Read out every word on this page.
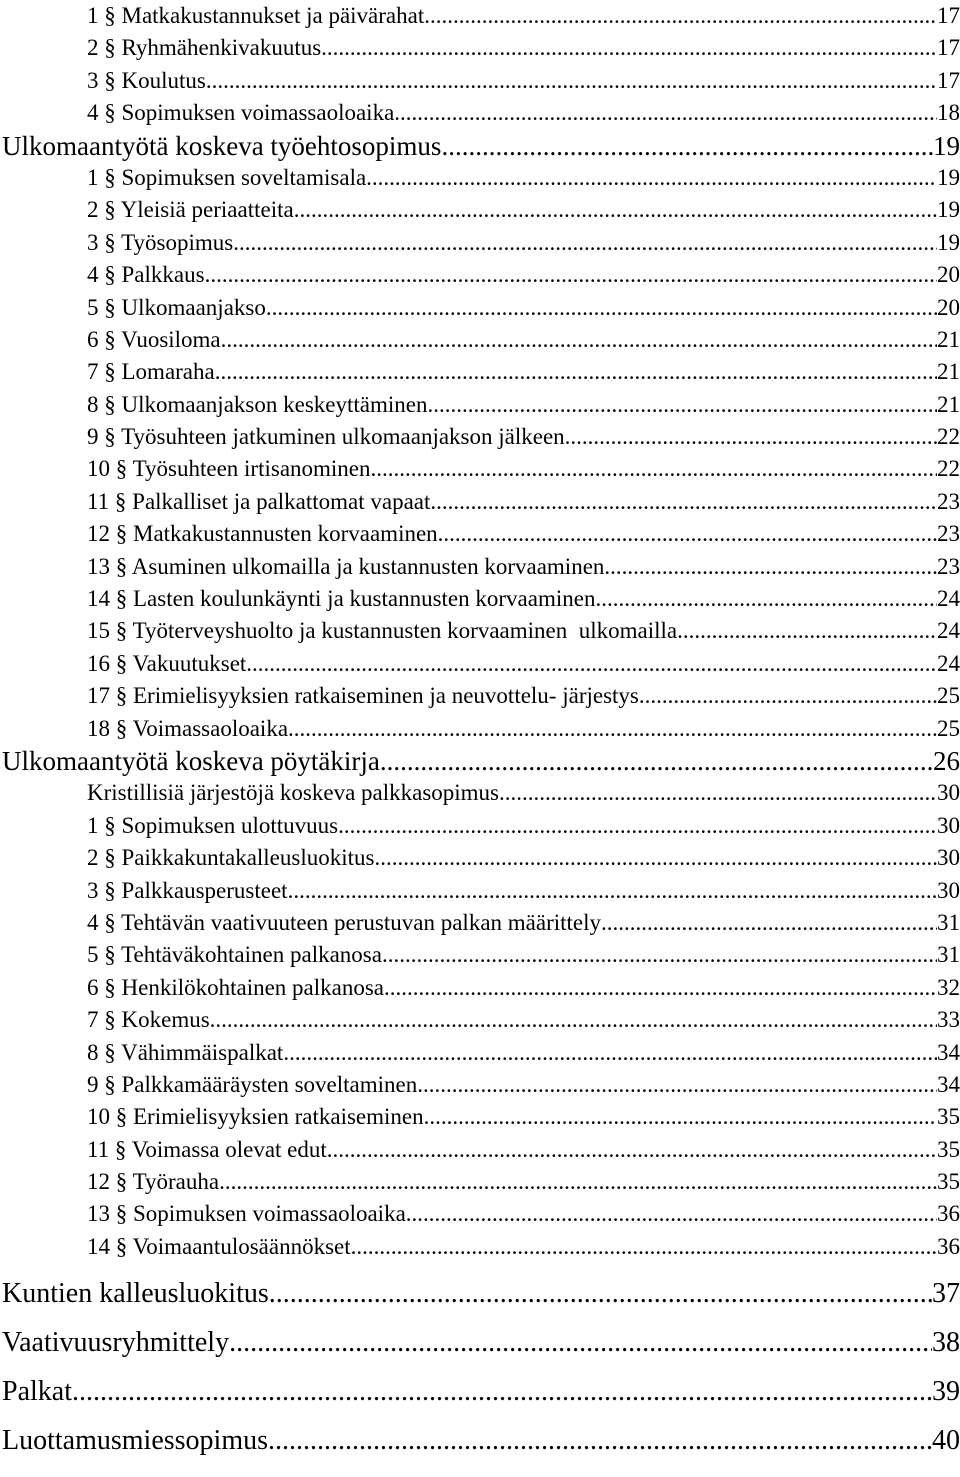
1 § Matkakustannukset ja päivärahat .....	17
2 § Ryhmähenkivakuutus .....	17
3 § Koulutus .....	17
4 § Sopimuksen voimassaoloaika .....	18
Ulkomaantyötä koskeva työehtosopimus .....	19
1 § Sopimuksen soveltamisala .....	19
2 § Yleisiä periaatteita .....	19
3 § Työsopimus .....	19
4 § Palkkaus .....	20
5 § Ulkomaanjakso .....	20
6 § Vuosiloma .....	21
7 § Lomaraha .....	21
8 § Ulkomaanjakson keskeyttäminen .....	21
9 § Työsuhteen jatkuminen ulkomaanjakson jälkeen .....	22
10 § Työsuhteen irtisanominen .....	22
11 § Palkalliset ja palkattomat vapaat .....	23
12 § Matkakustannusten korvaaminen .....	23
13 § Asuminen ulkomailla ja kustannusten korvaaminen .....	23
14 § Lasten koulunkäynti ja kustannusten korvaaminen .....	24
15 § Työterveyshuolto ja kustannusten korvaaminen  ulkomailla .....	24
16 § Vakuutukset .....	24
17 § Erimielisyyksien ratkaiseminen ja neuvottelu- järjestys .....	25
18 § Voimassaoloaika .....	25
Ulkomaantyötä koskeva pöytäkirja .....	26
Kristillisiä järjestöjä koskeva palkkasopimus .....	30
1 § Sopimuksen ulottuvuus .....	30
2 § Paikkakuntakalleusluokitus .....	30
3 § Palkkausperusteet .....	30
4 § Tehtävän vaativuuteen perustuvan palkan määrittely .....	31
5 § Tehtäväkohtainen palkanosa .....	31
6 § Henkilökohtainen palkanosa .....	32
7 § Kokemus .....	33
8 § Vähimmäispalkat .....	34
9 § Palkkamääräysten soveltaminen .....	34
10 § Erimielisyyksien ratkaiseminen .....	35
11 § Voimassa olevat edut .....	35
12 § Työrauha .....	35
13 § Sopimuksen voimassaoloaika .....	36
14 § Voimaantulosäännökset .....	36
Kuntien kalleusluokitus .....	37
Vaativuusryhmittely .....	38
Palkat .....	39
Luottamusmiessopimus .....	40
